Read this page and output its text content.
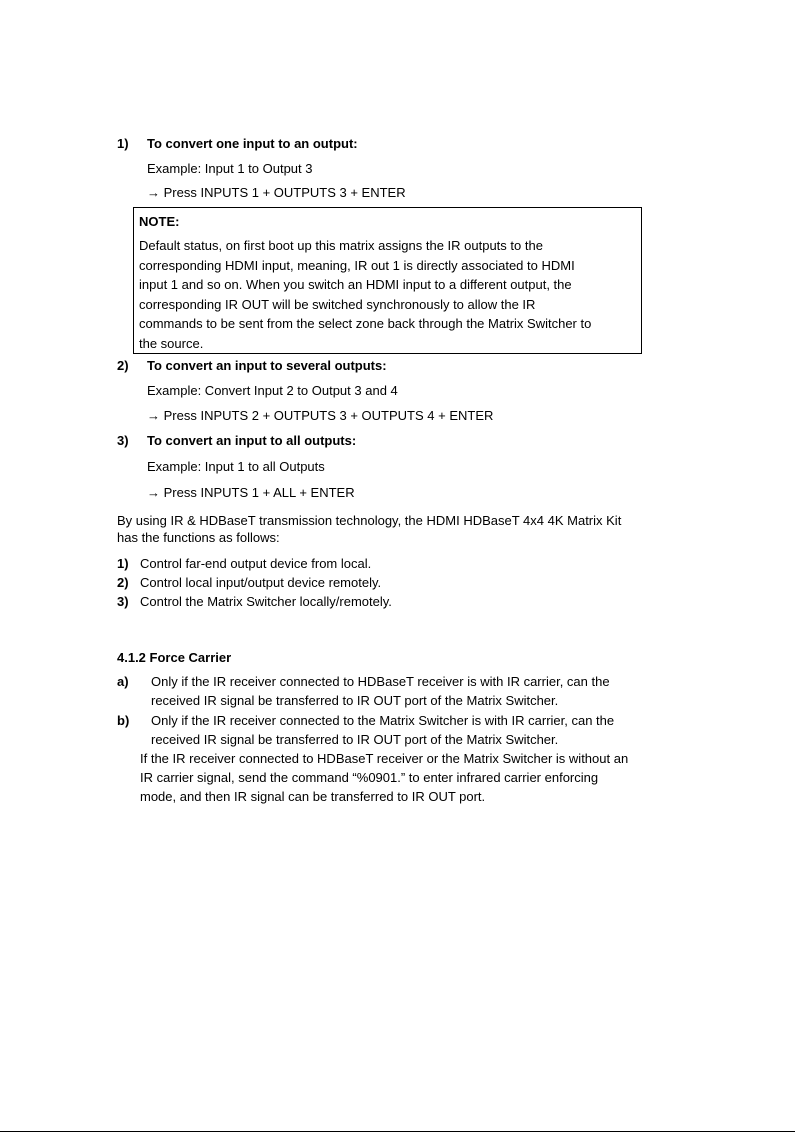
1) To convert one input to an output:
Example: Input 1 to Output 3
→ Press INPUTS 1 + OUTPUTS 3 + ENTER
NOTE:
Default status, on first boot up this matrix assigns the IR outputs to the
corresponding HDMI input, meaning, IR out 1 is directly associated to HDMI
input 1 and so on. When you switch an HDMI input to a different output, the
corresponding IR OUT will be switched synchronously to allow the IR
commands to be sent from the select zone back through the Matrix Switcher to
the source.
2) To convert an input to several outputs:
Example: Convert Input 2 to Output 3 and 4
→ Press INPUTS 2 + OUTPUTS 3 + OUTPUTS 4 + ENTER
3) To convert an input to all outputs:
Example: Input 1 to all Outputs
→ Press INPUTS 1 + ALL + ENTER
By using IR & HDBaseT transmission technology, the HDMI HDBaseT 4x4 4K Matrix Kit
has the functions as follows:
1) Control far-end output device from local.
2) Control local input/output device remotely.
3) Control the Matrix Switcher locally/remotely.
4.1.2 Force Carrier
a) Only if the IR receiver connected to HDBaseT receiver is with IR carrier, can the
received IR signal be transferred to IR OUT port of the Matrix Switcher.
b) Only if the IR receiver connected to the Matrix Switcher is with IR carrier, can the
received IR signal be transferred to IR OUT port of the Matrix Switcher.
If the IR receiver connected to HDBaseT receiver or the Matrix Switcher is without an
IR carrier signal, send the command “%0901.” to enter infrared carrier enforcing
mode, and then IR signal can be transferred to IR OUT port.
